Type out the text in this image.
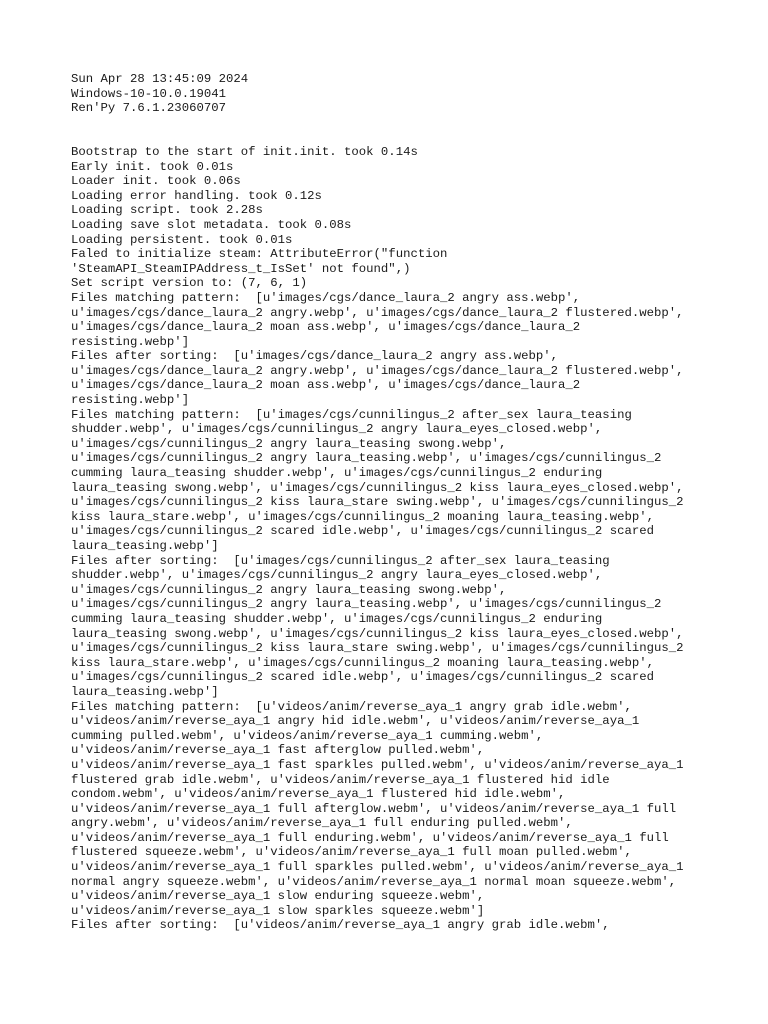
Sun Apr 28 13:45:09 2024
Windows-10-10.0.19041
Ren'Py 7.6.1.23060707
Bootstrap to the start of init.init. took 0.14s
Early init. took 0.01s
Loader init. took 0.06s
Loading error handling. took 0.12s
Loading script. took 2.28s
Loading save slot metadata. took 0.08s
Loading persistent. took 0.01s
Faled to initialize steam: AttributeError("function
'SteamAPI_SteamIPAddress_t_IsSet' not found",)
Set script version to: (7, 6, 1)
Files matching pattern:  [u'images/cgs/dance_laura_2 angry ass.webp',
u'images/cgs/dance_laura_2 angry.webp', u'images/cgs/dance_laura_2 flustered.webp',
u'images/cgs/dance_laura_2 moan ass.webp', u'images/cgs/dance_laura_2
resisting.webp']
Files after sorting:  [u'images/cgs/dance_laura_2 angry ass.webp',
u'images/cgs/dance_laura_2 angry.webp', u'images/cgs/dance_laura_2 flustered.webp',
u'images/cgs/dance_laura_2 moan ass.webp', u'images/cgs/dance_laura_2
resisting.webp']
Files matching pattern:  [u'images/cgs/cunnilingus_2 after_sex laura_teasing
shudder.webp', u'images/cgs/cunnilingus_2 angry laura_eyes_closed.webp',
u'images/cgs/cunnilingus_2 angry laura_teasing swong.webp',
u'images/cgs/cunnilingus_2 angry laura_teasing.webp', u'images/cgs/cunnilingus_2
cumming laura_teasing shudder.webp', u'images/cgs/cunnilingus_2 enduring
laura_teasing swong.webp', u'images/cgs/cunnilingus_2 kiss laura_eyes_closed.webp',
u'images/cgs/cunnilingus_2 kiss laura_stare swing.webp', u'images/cgs/cunnilingus_2
kiss laura_stare.webp', u'images/cgs/cunnilingus_2 moaning laura_teasing.webp',
u'images/cgs/cunnilingus_2 scared idle.webp', u'images/cgs/cunnilingus_2 scared
laura_teasing.webp']
Files after sorting:  [u'images/cgs/cunnilingus_2 after_sex laura_teasing
shudder.webp', u'images/cgs/cunnilingus_2 angry laura_eyes_closed.webp',
u'images/cgs/cunnilingus_2 angry laura_teasing swong.webp',
u'images/cgs/cunnilingus_2 angry laura_teasing.webp', u'images/cgs/cunnilingus_2
cumming laura_teasing shudder.webp', u'images/cgs/cunnilingus_2 enduring
laura_teasing swong.webp', u'images/cgs/cunnilingus_2 kiss laura_eyes_closed.webp',
u'images/cgs/cunnilingus_2 kiss laura_stare swing.webp', u'images/cgs/cunnilingus_2
kiss laura_stare.webp', u'images/cgs/cunnilingus_2 moaning laura_teasing.webp',
u'images/cgs/cunnilingus_2 scared idle.webp', u'images/cgs/cunnilingus_2 scared
laura_teasing.webp']
Files matching pattern:  [u'videos/anim/reverse_aya_1 angry grab idle.webm',
u'videos/anim/reverse_aya_1 angry hid idle.webm', u'videos/anim/reverse_aya_1
cumming pulled.webm', u'videos/anim/reverse_aya_1 cumming.webm',
u'videos/anim/reverse_aya_1 fast afterglow pulled.webm',
u'videos/anim/reverse_aya_1 fast sparkles pulled.webm', u'videos/anim/reverse_aya_1
flustered grab idle.webm', u'videos/anim/reverse_aya_1 flustered hid idle
condom.webm', u'videos/anim/reverse_aya_1 flustered hid idle.webm',
u'videos/anim/reverse_aya_1 full afterglow.webm', u'videos/anim/reverse_aya_1 full
angry.webm', u'videos/anim/reverse_aya_1 full enduring pulled.webm',
u'videos/anim/reverse_aya_1 full enduring.webm', u'videos/anim/reverse_aya_1 full
flustered squeeze.webm', u'videos/anim/reverse_aya_1 full moan pulled.webm',
u'videos/anim/reverse_aya_1 full sparkles pulled.webm', u'videos/anim/reverse_aya_1
normal angry squeeze.webm', u'videos/anim/reverse_aya_1 normal moan squeeze.webm',
u'videos/anim/reverse_aya_1 slow enduring squeeze.webm',
u'videos/anim/reverse_aya_1 slow sparkles squeeze.webm']
Files after sorting:  [u'videos/anim/reverse_aya_1 angry grab idle.webm',
